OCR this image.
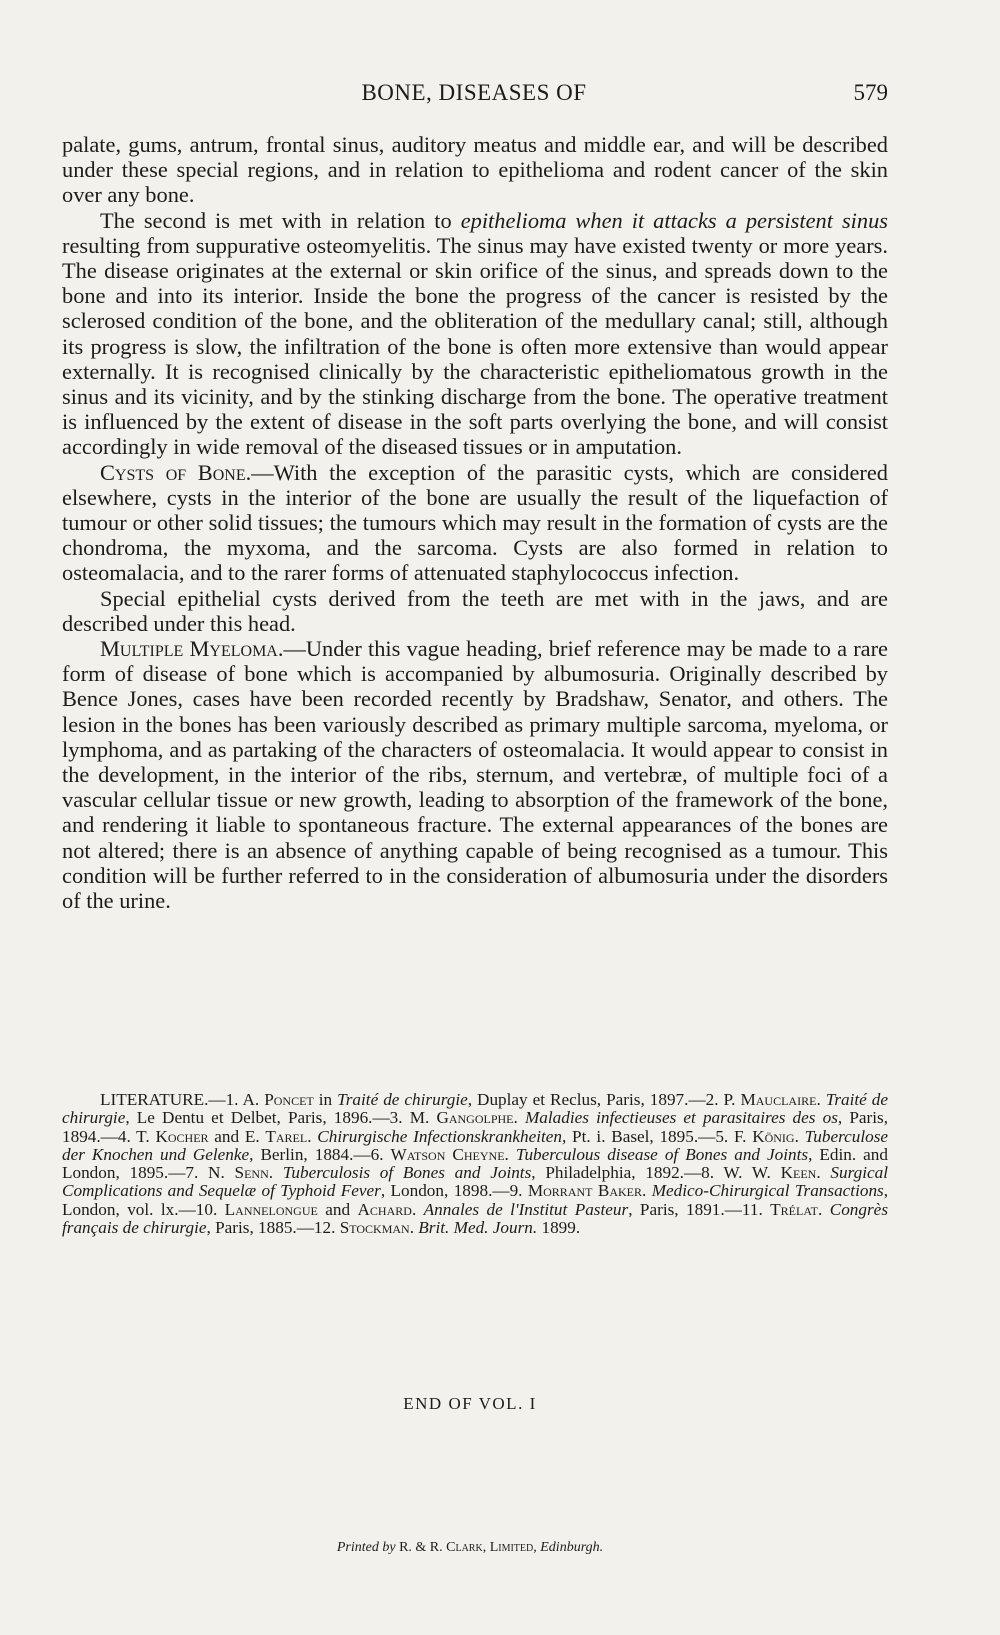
BONE, DISEASES OF	579

palate, gums, antrum, frontal sinus, auditory meatus and middle ear, and will be described under these special regions, and in relation to epithelioma and rodent cancer of the skin over any bone.

The second is met with in relation to epithelioma when it attacks a persistent sinus resulting from suppurative osteomyelitis. The sinus may have existed twenty or more years. The disease originates at the external or skin orifice of the sinus, and spreads down to the bone and into its interior. Inside the bone the progress of the cancer is resisted by the sclerosed condition of the bone, and the obliteration of the medullary canal; still, although its progress is slow, the infiltration of the bone is often more extensive than would appear externally. It is recognised clinically by the characteristic epitheliomatous growth in the sinus and its vicinity, and by the stinking discharge from the bone. The operative treatment is influenced by the extent of disease in the soft parts overlying the bone, and will consist accordingly in wide removal of the diseased tissues or in amputation.

Cysts of Bone.—With the exception of the parasitic cysts, which are considered elsewhere, cysts in the interior of the bone are usually the result of the liquefaction of tumour or other solid tissues; the tumours which may result in the formation of cysts are the chondroma, the myxoma, and the sarcoma. Cysts are also formed in relation to osteomalacia, and to the rarer forms of attenuated staphylococcus infection.

Special epithelial cysts derived from the teeth are met with in the jaws, and are described under this head.

Multiple Myeloma.—Under this vague heading, brief reference may be made to a rare form of disease of bone which is accompanied by albumosuria. Originally described by Bence Jones, cases have been recorded recently by Bradshaw, Senator, and others. The lesion in the bones has been variously described as primary multiple sarcoma, myeloma, or lymphoma, and as partaking of the characters of osteomalacia. It would appear to consist in the development, in the interior of the ribs, sternum, and vertebræ, of multiple foci of a vascular cellular tissue or new growth, leading to absorption of the framework of the bone, and rendering it liable to spontaneous fracture. The external appearances of the bones are not altered; there is an absence of anything capable of being recognised as a tumour. This condition will be further referred to in the consideration of albumosuria under the disorders of the urine.

LITERATURE.—1. A. Poncet in Traité de chirurgie, Duplay et Reclus, Paris, 1897.—2. P. Mauclaire. Traité de chirurgie, Le Dentu et Delbet, Paris, 1896.—3. M. Gangolphe. Maladies infectieuses et parasitaires des os, Paris, 1894.—4. T. Kocher and E. Tarel. Chirurgische Infectionskrankheiten, Pt. i. Basel, 1895.—5. F. König. Tuberculose der Knochen und Gelenke, Berlin, 1884.—6. Watson Cheyne. Tuberculous disease of Bones and Joints, Edin. and London, 1895.—7. N. Senn. Tuberculosis of Bones and Joints, Philadelphia, 1892.—8. W. W. Keen. Surgical Complications and Sequelæ of Typhoid Fever, London, 1898.—9. Morrant Baker. Medico-Chirurgical Transactions, London, vol. lx.—10. Lannelongue and Achard. Annales de l'Institut Pasteur, Paris, 1891.—11. Trélat. Congrès français de chirurgie, Paris, 1885.—12. Stockman. Brit. Med. Journ. 1899.
END OF VOL. I
Printed by R. & R. Clark, Limited, Edinburgh.
